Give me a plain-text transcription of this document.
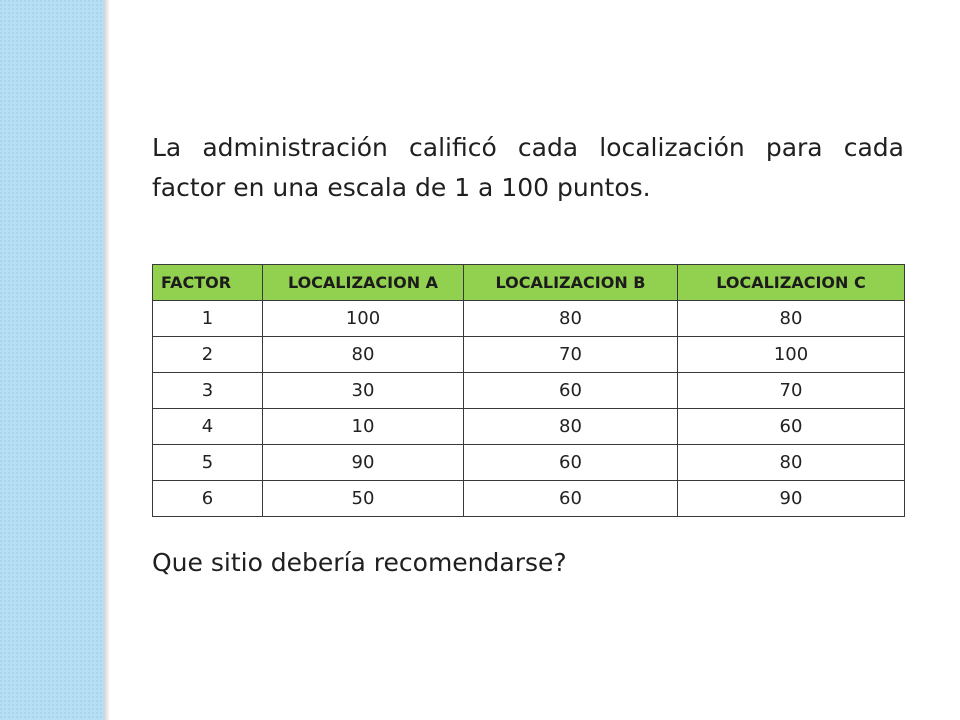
La administración calificó cada localización para cada factor en una escala de 1 a 100 puntos.

FACTOR	LOCALIZACION A	LOCALIZACION B	LOCALIZACION C
1	100	80	80
2	80	70	100
3	30	60	70
4	10	80	60
5	90	60	80
6	50	60	90

Que sitio debería recomendarse?
